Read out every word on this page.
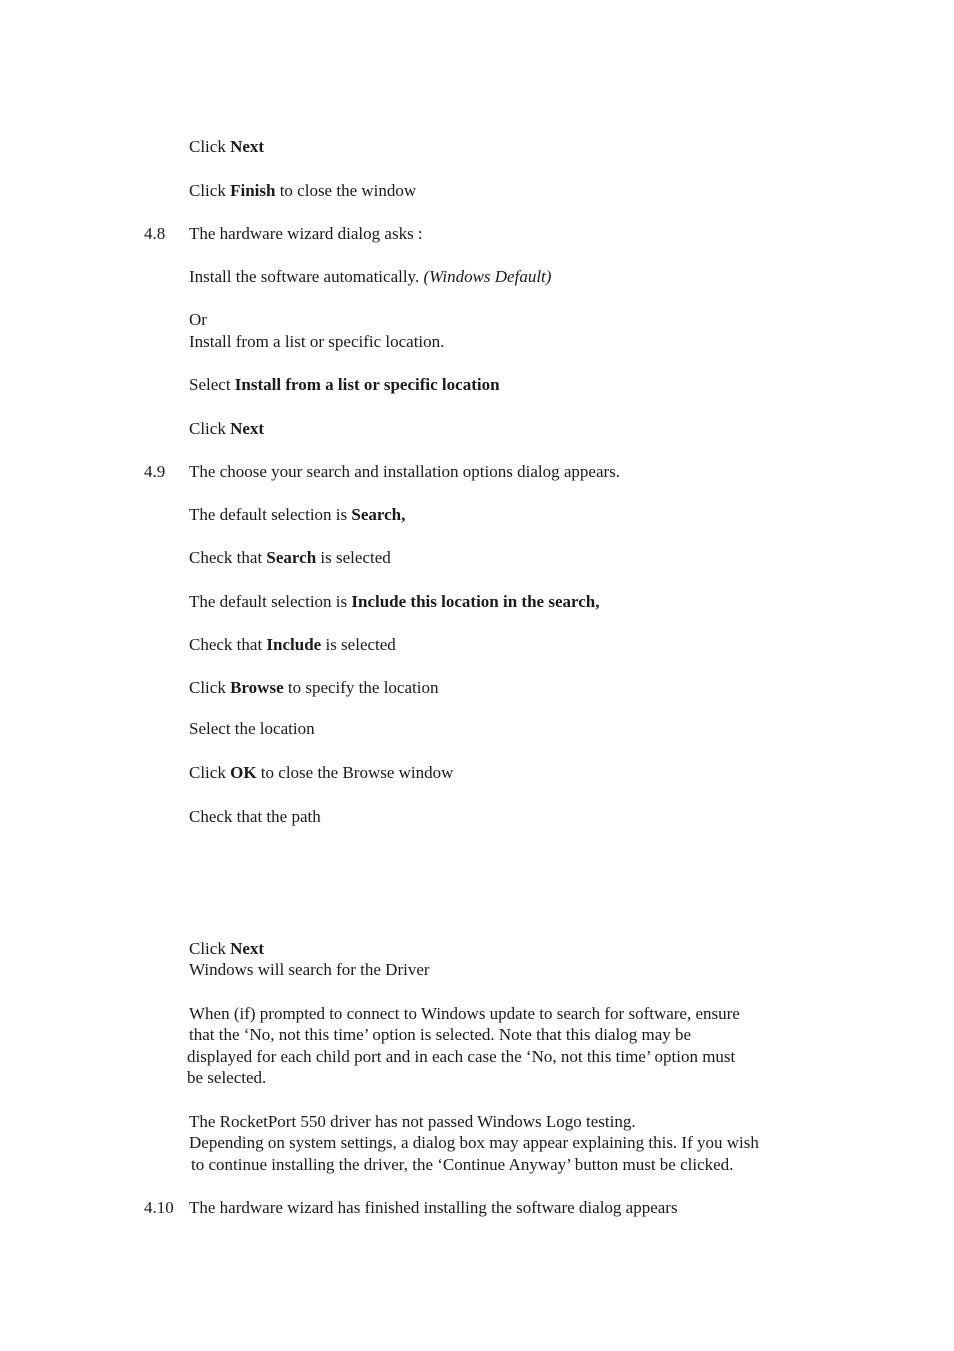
Click Next
Click Finish to close the window
4.8 The hardware wizard dialog asks :
Install the software automatically. (Windows Default)
Or
Install from a list or specific location.
Select Install from a list or specific location
Click Next
4.9 The choose your search and installation options dialog appears.
The default selection is Search,
Check that Search is selected
The default selection is Include this location in the search,
Check that Include is selected
Click Browse to specify the location
Select the location
Click OK to close the Browse window
Check that the path
Click Next
Windows will search for the Driver
When (if) prompted to connect to Windows update to search for software, ensure
that the ‘No, not this time’ option is selected. Note that this dialog may be
displayed for each child port and in each case the ‘No, not this time’ option must
be selected.
The RocketPort 550 driver has not passed Windows Logo testing.
Depending on system settings, a dialog box may appear explaining this. If you wish
to continue installing the driver, the ‘Continue Anyway’ button must be clicked.
4.10 The hardware wizard has finished installing the software dialog appears
